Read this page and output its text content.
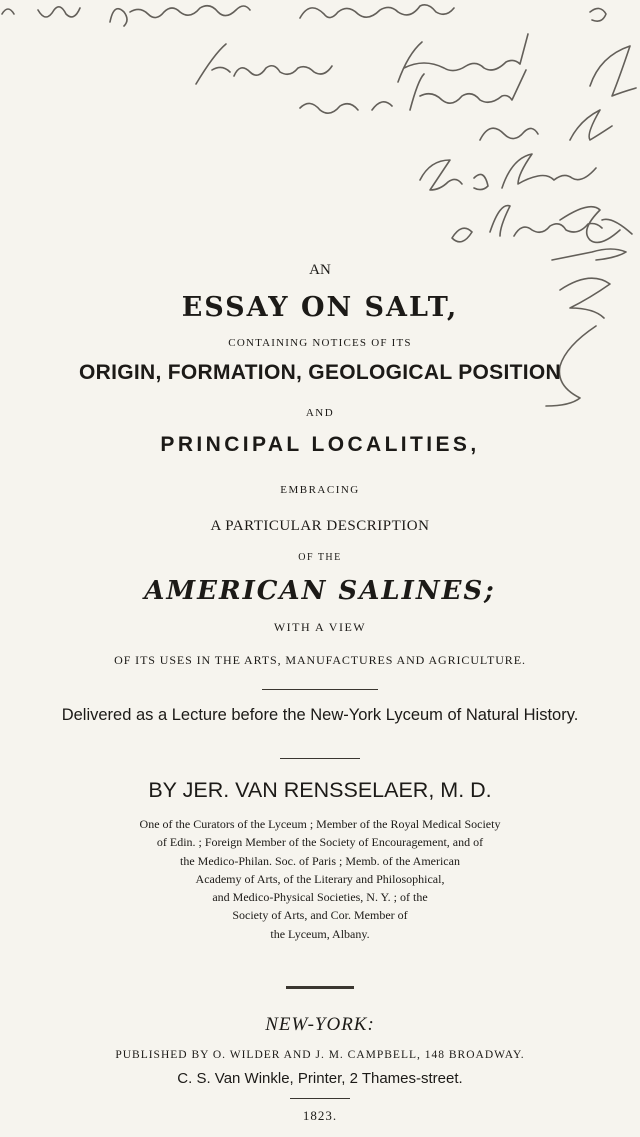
AN
ESSAY ON SALT,
CONTAINING NOTICES OF ITS
ORIGIN, FORMATION, GEOLOGICAL POSITION
AND
PRINCIPAL LOCALITIES,
EMBRACING
A PARTICULAR DESCRIPTION
OF THE
AMERICAN SALINES;
WITH A VIEW
OF ITS USES IN THE ARTS, MANUFACTURES AND AGRICULTURE.
Delivered as a Lecture before the New-York Lyceum of Natural History.
BY JER. VAN RENSSELAER, M. D.
One of the Curators of the Lyceum ; Member of the Royal Medical Society
of Edin. ; Foreign Member of the Society of Encouragement, and of
the Medico-Philan. Soc. of Paris ; Memb. of the American
Academy of Arts, of the Literary and Philosophical,
and Medico-Physical Societies, N. Y. ; of the
Society of Arts, and Cor. Member of
the Lyceum, Albany.
NEW-YORK:
PUBLISHED BY O. WILDER AND J. M. CAMPBELL, 148 BROADWAY.
C. S. Van Winkle, Printer, 2 Thames-street.
1823.
